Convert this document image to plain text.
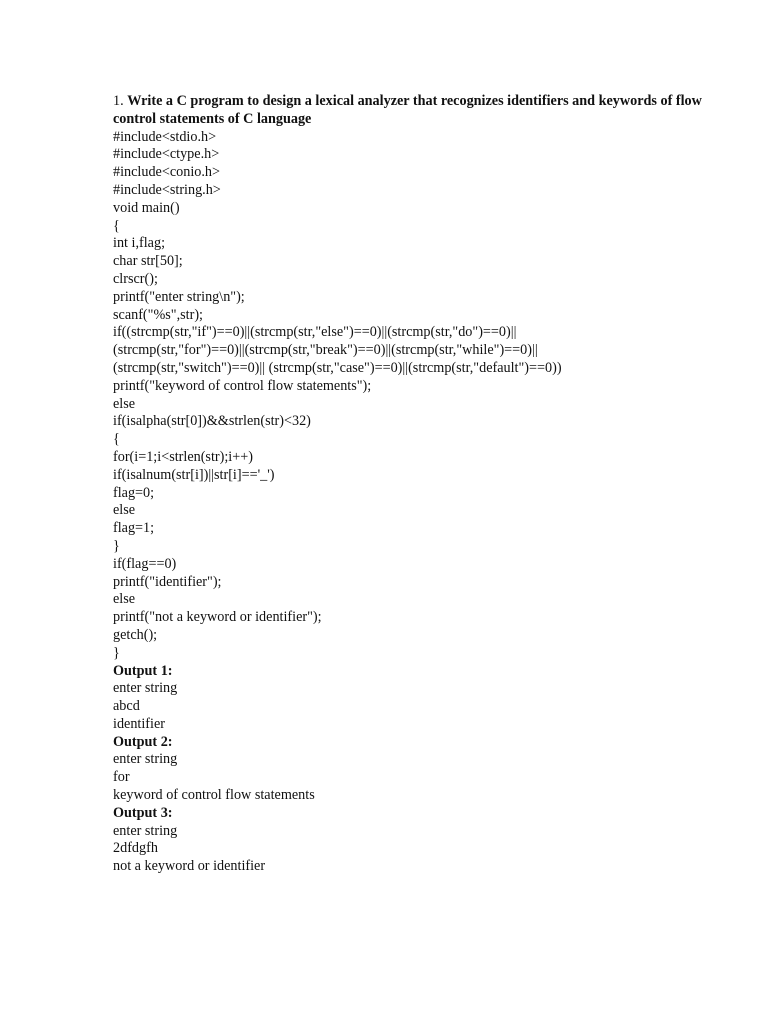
1. Write a C program to design a lexical analyzer that recognizes identifiers and keywords of flow control statements of C language

#include<stdio.h>
#include<ctype.h>
#include<conio.h>
#include<string.h>
void main()
{
int i,flag;
char str[50];
clrscr();
printf("enter string\n");
scanf("%s",str);
if((strcmp(str,"if")==0)||(strcmp(str,"else")==0)||(strcmp(str,"do")==0)||
(strcmp(str,"for")==0)||(strcmp(str,"break")==0)||(strcmp(str,"while")==0)||
(strcmp(str,"switch")==0)|| (strcmp(str,"case")==0)||(strcmp(str,"default")==0))
printf("keyword of control flow statements");
else
if(isalpha(str[0])&&strlen(str)<32)
{
for(i=1;i<strlen(str);i++)
if(isalnum(str[i])||str[i]=='_')
flag=0;
else
flag=1;
}
if(flag==0)
printf("identifier");
else
printf("not a keyword or identifier");
getch();
}
Output 1:
enter string
abcd
identifier
Output 2:
enter string
for
keyword of control flow statements
Output 3:
enter string
2dfdgfh
not a keyword or identifier
